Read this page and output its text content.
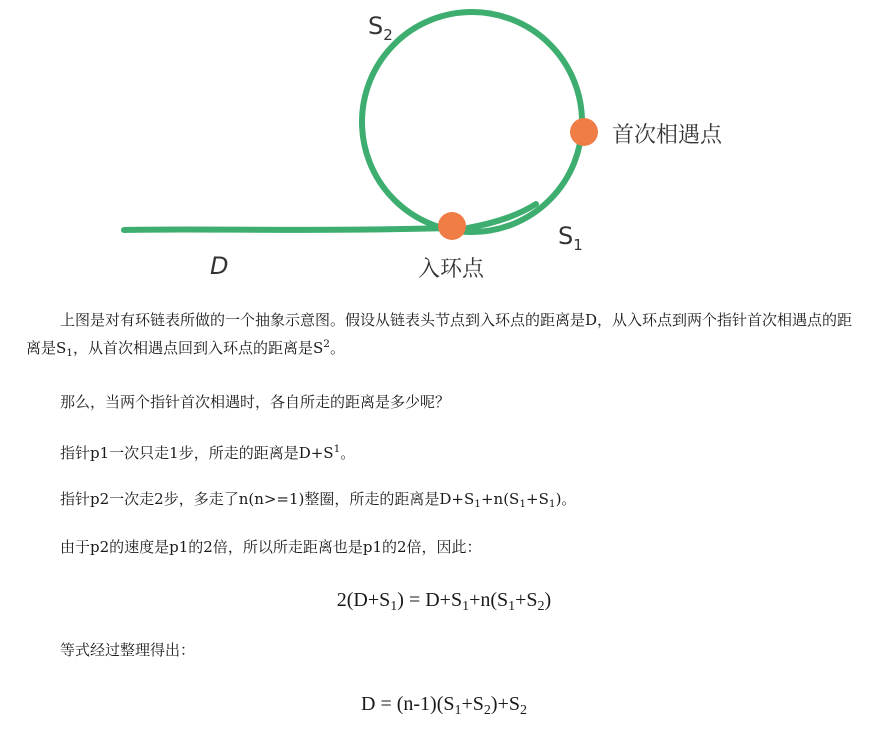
$S_2$
首次相遇点
$S_1$
D	入环点

上图是对有环链表所做的一个抽象示意图。假设从链表头节点到入环点的距离是D，从入环点到两个指针首次相遇点的距离是$S_1$，从首次相遇点回到入环点的距离是$S^2$。

那么，当两个指针首次相遇时，各自所走的距离是多少呢？
指针p1一次只走1步，所走的距离是$D+S^1$。
指针p2一次走2步，多走了n(n>=1)整圈，所走的距离是$D+S_1+n(S_1+S_1)$。
由于p2的速度是p1的2倍，所以所走距离也是p1的2倍，因此：
$2(D+S_1) = D+S_1+n(S_1+S_2)$
等式经过整理得出：
$D = (n-1)(S_1+S_2)+S_2$
